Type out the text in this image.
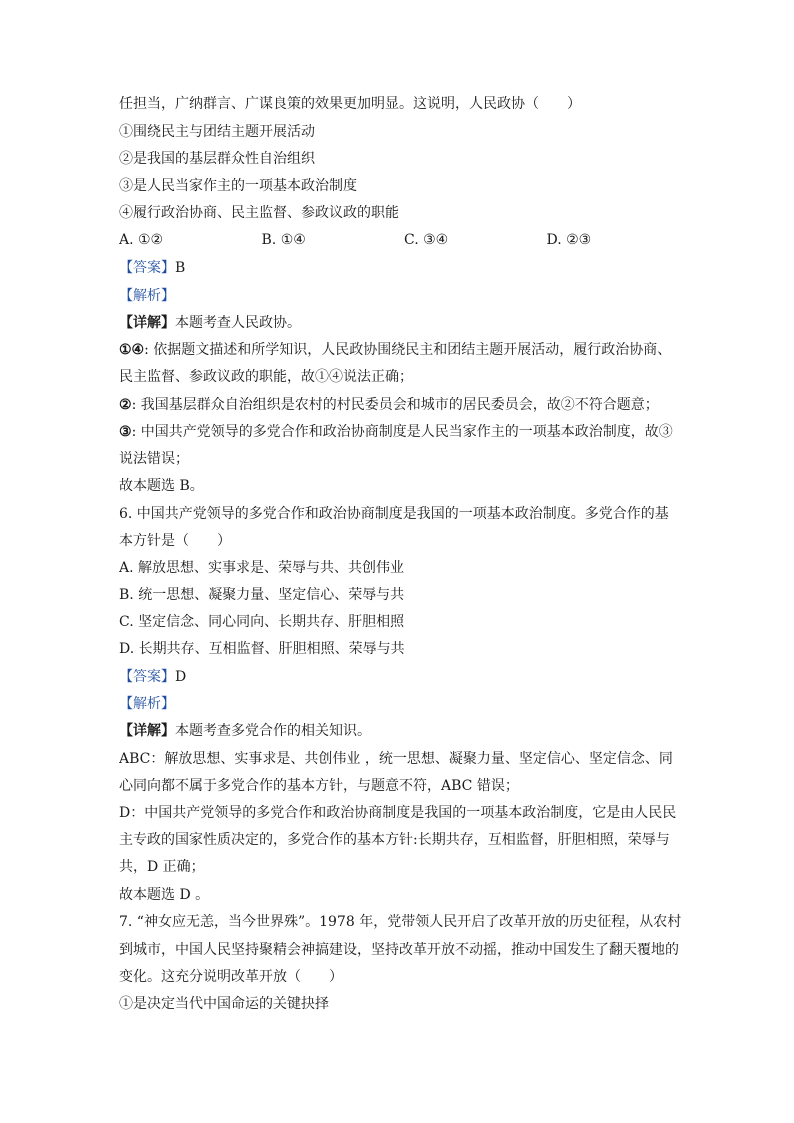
任担当，广纳群言、广谋良策的效果更加明显。这说明，人民政协（　　）
①围绕民主与团结主题开展活动
②是我国的基层群众性自治组织
③是人民当家作主的一项基本政治制度
④履行政治协商、民主监督、参政议政的职能
A. ①②	B. ①④	C. ③④	D. ②③
【答案】B
【解析】
【详解】本题考查人民政协。
①④: 依据题文描述和所学知识，人民政协围绕民主和团结主题开展活动，履行政治协商、
民主监督、参政议政的职能，故①④说法正确；
②: 我国基层群众自治组织是农村的村民委员会和城市的居民委员会，故②不符合题意；
③: 中国共产党领导的多党合作和政治协商制度是人民当家作主的一项基本政治制度，故③
说法错误；
故本题选 B。
6. 中国共产党领导的多党合作和政治协商制度是我国的一项基本政治制度。多党合作的基
本方针是（　　）
A. 解放思想、实事求是、荣辱与共、共创伟业
B. 统一思想、凝聚力量、坚定信心、荣辱与共
C. 坚定信念、同心同向、长期共存、肝胆相照
D. 长期共存、互相监督、肝胆相照、荣辱与共
【答案】D
【解析】
【详解】本题考查多党合作的相关知识。
ABC：解放思想、实事求是、共创伟业 ，统一思想、凝聚力量、坚定信心、坚定信念、同
心同向都不属于多党合作的基本方针，与题意不符，ABC 错误；
D：中国共产党领导的多党合作和政治协商制度是我国的一项基本政治制度，它是由人民民
主专政的国家性质决定的，多党合作的基本方针:长期共存，互相监督，肝胆相照，荣辱与
共，D 正确；
故本题选 D 。
7. “神女应无恙，当今世界殊”。1978 年，党带领人民开启了改革开放的历史征程，从农村
到城市，中国人民坚持聚精会神搞建设，坚持改革开放不动摇，推动中国发生了翻天覆地的
变化。这充分说明改革开放（　　）
①是决定当代中国命运的关键抉择
